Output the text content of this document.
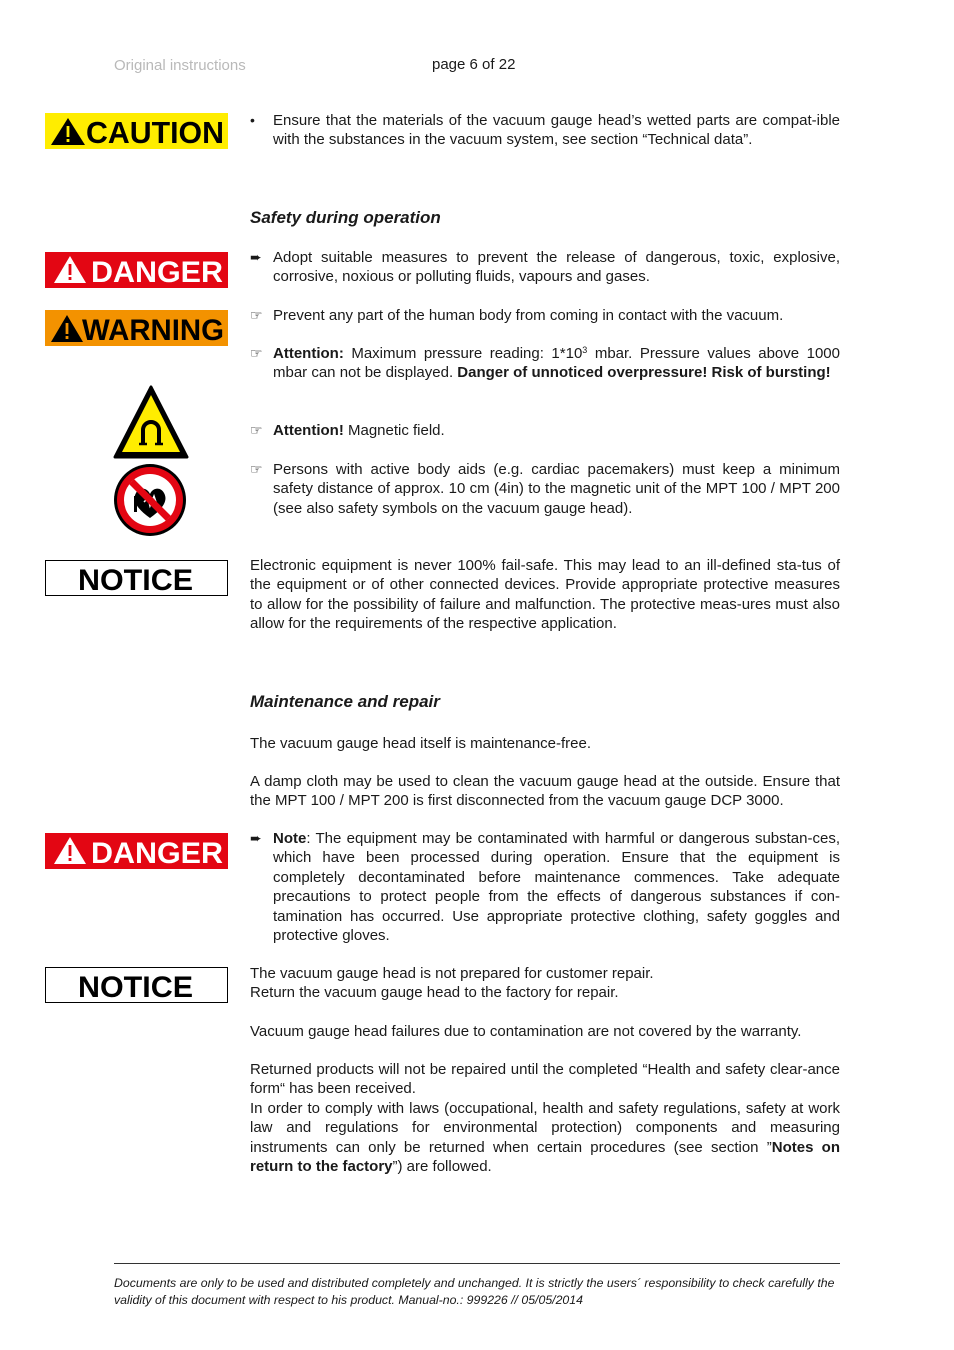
Original instructions	page 6 of 22
CAUTION •	Ensure that the materials of the vacuum gauge head’s wetted parts are compat-ible with the substances in the vacuum system, see section “Technical data”.
Safety during operation
DANGER ➨ Adopt suitable measures to prevent the release of dangerous, toxic, explosive, corrosive, noxious or polluting fluids, vapours and gases.
WARNING ☞ Prevent any part of the human body from coming in contact with the vacuum.
☞ Attention: Maximum pressure reading: $1*10^3$ mbar. Pressure values above 1000 mbar can not be displayed. Danger of unnoticed overpressure! Risk of bursting!
☞ Attention! Magnetic field.
☞ Persons with active body aids (e.g. cardiac pacemakers) must keep a minimum safety distance of approx. 10 cm (4in) to the magnetic unit of the MPT 100 / MPT 200 (see also safety symbols on the vacuum gauge head).
NOTICE	Electronic equipment is never 100% fail-safe. This may lead to an ill-defined sta-tus of the equipment or of other connected devices. Provide appropriate protective measures to allow for the possibility of failure and malfunction. The protective meas-ures must also allow for the requirements of the respective application.
Maintenance and repair
The vacuum gauge head itself is maintenance-free.
A damp cloth may be used to clean the vacuum gauge head at the outside. Ensure that the MPT 100 / MPT 200 is first disconnected from the vacuum gauge DCP 3000.
DANGER ➨ Note: The equipment may be contaminated with harmful or dangerous substan-ces, which have been processed during operation. Ensure that the equipment is completely decontaminated before maintenance commences. Take adequate precautions to protect people from the effects of dangerous substances if con-tamination has occurred. Use appropriate protective clothing, safety goggles and protective gloves.
NOTICE	The vacuum gauge head is not prepared for customer repair.
Return the vacuum gauge head to the factory for repair.
Vacuum gauge head failures due to contamination are not covered by the warranty.
Returned products will not be repaired until the completed “Health and safety clear-ance form“ has been received.
In order to comply with laws (occupational, health and safety regulations, safety at work law and regulations for environmental protection) components and measuring instruments can only be returned when certain procedures (see section ”Notes on return to the factory”) are followed.
Documents are only to be used and distributed completely and unchanged. It is strictly the users´ responsibility to check carefully the validity of this document with respect to his product. Manual-no.: 999226 // 05/05/2014
